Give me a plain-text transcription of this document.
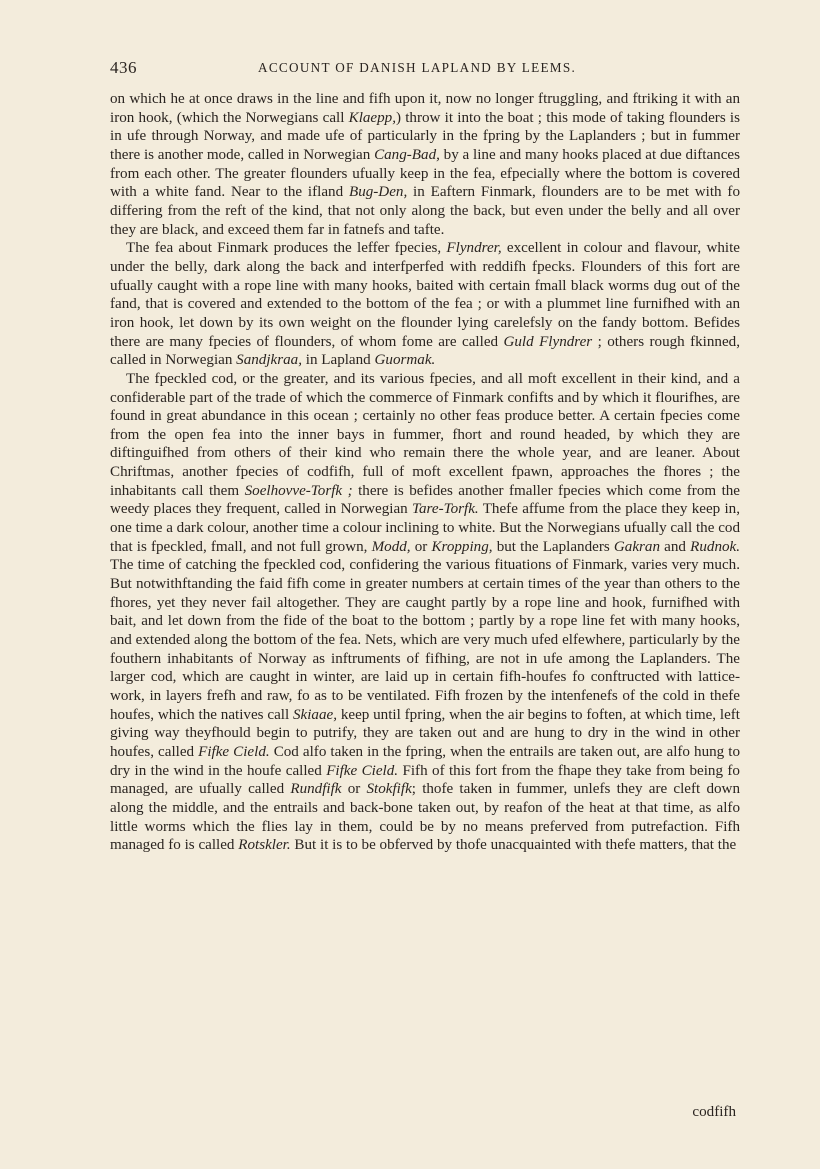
436	ACCOUNT OF DANISH LAPLAND BY LEEMS.

on which he at once draws in the line and fifh upon it, now no longer ftruggling, and ftriking it with an iron hook, (which the Norwegians call Klaepp,) throw it into the boat ; this mode of taking flounders is in ufe through Norway, and made ufe of particularly in the fpring by the Laplanders ; but in fummer there is another mode, called in Norwegian Cang-Bad, by a line and many hooks placed at due diftances from each other. The greater flounders ufually keep in the fea, efpecially where the bottom is covered with a white fand. Near to the ifland Bug-Den, in Eaftern Finmark, flounders are to be met with fo differing from the reft of the kind, that not only along the back, but even under the belly and all over they are black, and exceed them far in fatnefs and tafte.

The fea about Finmark produces the leffer fpecies, Flyndrer, excellent in colour and flavour, white under the belly, dark along the back and interfperfed with reddifh fpecks. Flounders of this fort are ufually caught with a rope line with many hooks, baited with certain fmall black worms dug out of the fand, that is covered and extended to the bottom of the fea ; or with a plummet line furnifhed with an iron hook, let down by its own weight on the flounder lying carelefsly on the fandy bottom. Befides there are many fpecies of flounders, of whom fome are called Guld Flyndrer ; others rough fkinned, called in Norwegian Sandjkraa, in Lapland Guormak.

The fpeckled cod, or the greater, and its various fpecies, and all moft excellent in their kind, and a confiderable part of the trade of which the commerce of Finmark confifts and by which it flourifhes, are found in great abundance in this ocean ; certainly no other feas produce better. A certain fpecies come from the open fea into the inner bays in fummer, fhort and round headed, by which they are diftinguifhed from others of their kind who remain there the whole year, and are leaner. About Chriftmas, another fpecies of codfifh, full of moft excellent fpawn, approaches the fhores ; the inhabitants call them Soelhovve-Torfk ; there is befides another fmaller fpecies which come from the weedy places they frequent, called in Norwegian Tare-Torfk. Thefe affume from the place they keep in, one time a dark colour, another time a colour inclining to white. But the Norwegians ufually call the cod that is fpeckled, fmall, and not full grown, Modd, or Kropping, but the Laplanders Gakran and Rudnok. The time of catching the fpeckled cod, confidering the various fituations of Finmark, varies very much. But notwithftanding the faid fifh come in greater numbers at certain times of the year than others to the fhores, yet they never fail altogether. They are caught partly by a rope line and hook, furnifhed with bait, and let down from the fide of the boat to the bottom ; partly by a rope line fet with many hooks, and extended along the bottom of the fea. Nets, which are very much ufed elfewhere, particularly by the fouthern inhabitants of Norway as inftruments of fifhing, are not in ufe among the Laplanders. The larger cod, which are caught in winter, are laid up in certain fifh-houfes fo conftructed with lattice-work, in layers frefh and raw, fo as to be ventilated. Fifh frozen by the intenfenefs of the cold in thefe houfes, which the natives call Skiaae, keep until fpring, when the air begins to foften, at which time, left giving way theyfhould begin to putrify, they are taken out and are hung to dry in the wind in other houfes, called Fifke Cield. Cod alfo taken in the fpring, when the entrails are taken out, are alfo hung to dry in the wind in the houfe called Fifke Cield. Fifh of this fort from the fhape they take from being fo managed, are ufually called Rundfifk or Stokfifk; thofe taken in fummer, unlefs they are cleft down along the middle, and the entrails and back-bone taken out, by reafon of the heat at that time, as alfo little worms which the flies lay in them, could be by no means preferved from putrefaction. Fifh managed fo is called Rotskler. But it is to be obferved by thofe unacquainted with thefe matters, that the

codfifh
